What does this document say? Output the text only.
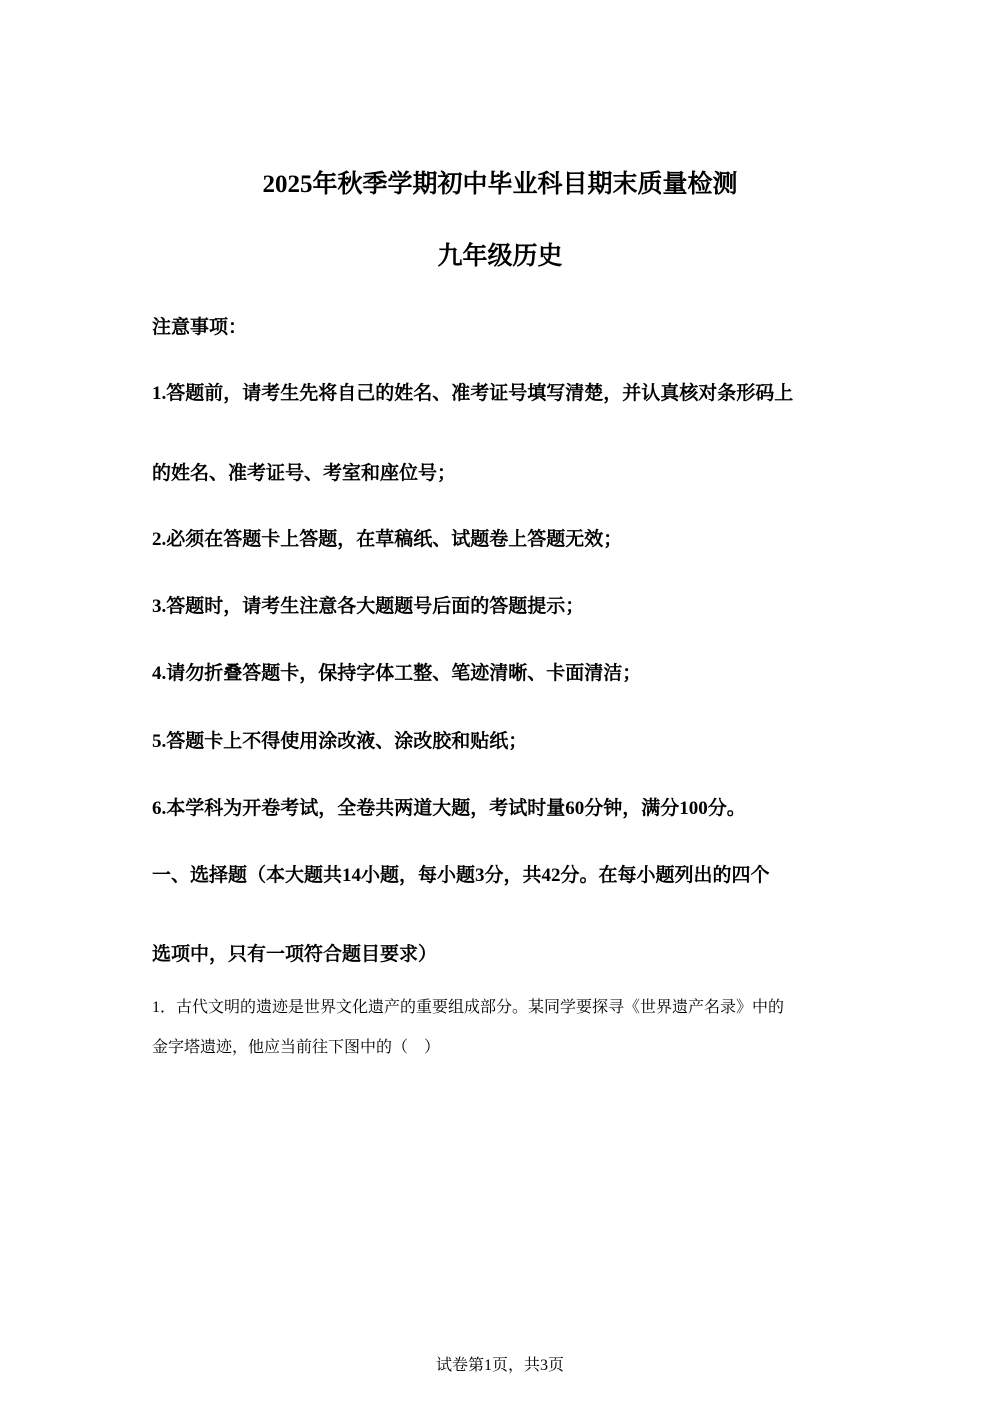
2025年秋季学期初中毕业科目期末质量检测
九年级历史
注意事项：
1.答题前，请考生先将自己的姓名、准考证号填写清楚，并认真核对条形码上
的姓名、准考证号、考室和座位号；
2.必须在答题卡上答题，在草稿纸、试题卷上答题无效；
3.答题时，请考生注意各大题题号后面的答题提示；
4.请勿折叠答题卡，保持字体工整、笔迹清晰、卡面清洁；
5.答题卡上不得使用涂改液、涂改胶和贴纸；
6.本学科为开卷考试，全卷共两道大题，考试时量60分钟，满分100分。
一、选择题（本大题共14小题，每小题3分，共42分。在每小题列出的四个
选项中，只有一项符合题目要求）
1．古代文明的遗迹是世界文化遗产的重要组成部分。某同学要探寻《世界遗产名录》中的
金字塔遗迹，他应当前往下图中的（　）
试卷第1页，共3页
